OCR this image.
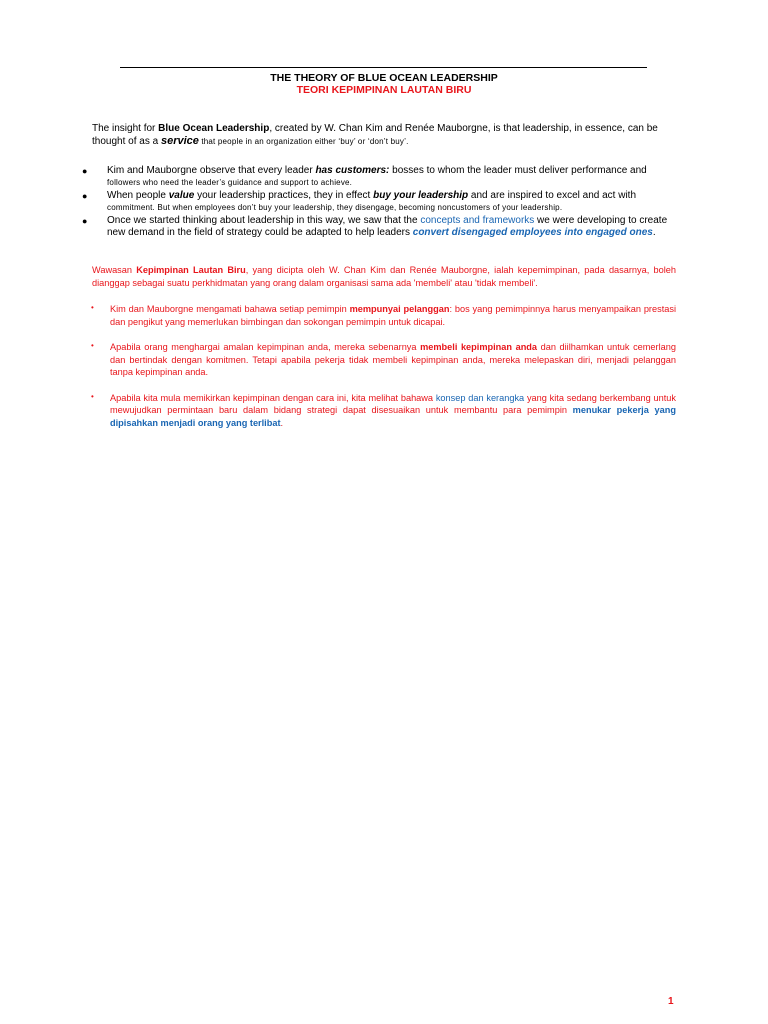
THE THEORY OF BLUE OCEAN LEADERSHIP
TEORI KEPIMPINAN LAUTAN BIRU
The insight for Blue Ocean Leadership, created by W. Chan Kim and Renée Mauborgne, is that leadership, in essence, can be thought of as a service that people in an organization either ‘buy’ or ‘don’t buy’.
● Kim and Mauborgne observe that every leader has customers: bosses to whom the leader must deliver performance and followers who need the leader’s guidance and support to achieve.
● When people value your leadership practices, they in effect buy your leadership and are inspired to excel and act with commitment. But when employees don’t buy your leadership, they disengage, becoming noncustomers of your leadership.
● Once we started thinking about leadership in this way, we saw that the concepts and frameworks we were developing to create new demand in the field of strategy could be adapted to help leaders convert disengaged employees into engaged ones.
Wawasan Kepimpinan Lautan Biru, yang dicipta oleh W. Chan Kim dan Renée Mauborgne, ialah kepemimpinan, pada dasarnya, boleh dianggap sebagai suatu perkhidmatan yang orang dalam organisasi sama ada 'membeli' atau 'tidak membeli'.
• Kim dan Mauborgne mengamati bahawa setiap pemimpin mempunyai pelanggan: bos yang pemimpinnya harus menyampaikan prestasi dan pengikut yang memerlukan bimbingan dan sokongan pemimpin untuk dicapai.
• Apabila orang menghargai amalan kepimpinan anda, mereka sebenarnya membeli kepimpinan anda dan diilhamkan untuk cemerlang dan bertindak dengan komitmen. Tetapi apabila pekerja tidak membeli kepimpinan anda, mereka melepaskan diri, menjadi pelanggan tanpa kepimpinan anda.
• Apabila kita mula memikirkan kepimpinan dengan cara ini, kita melihat bahawa konsep dan kerangka yang kita sedang berkembang untuk mewujudkan permintaan baru dalam bidang strategi dapat disesuaikan untuk membantu para pemimpin menukar pekerja yang dipisahkan menjadi orang yang terlibat.
1
